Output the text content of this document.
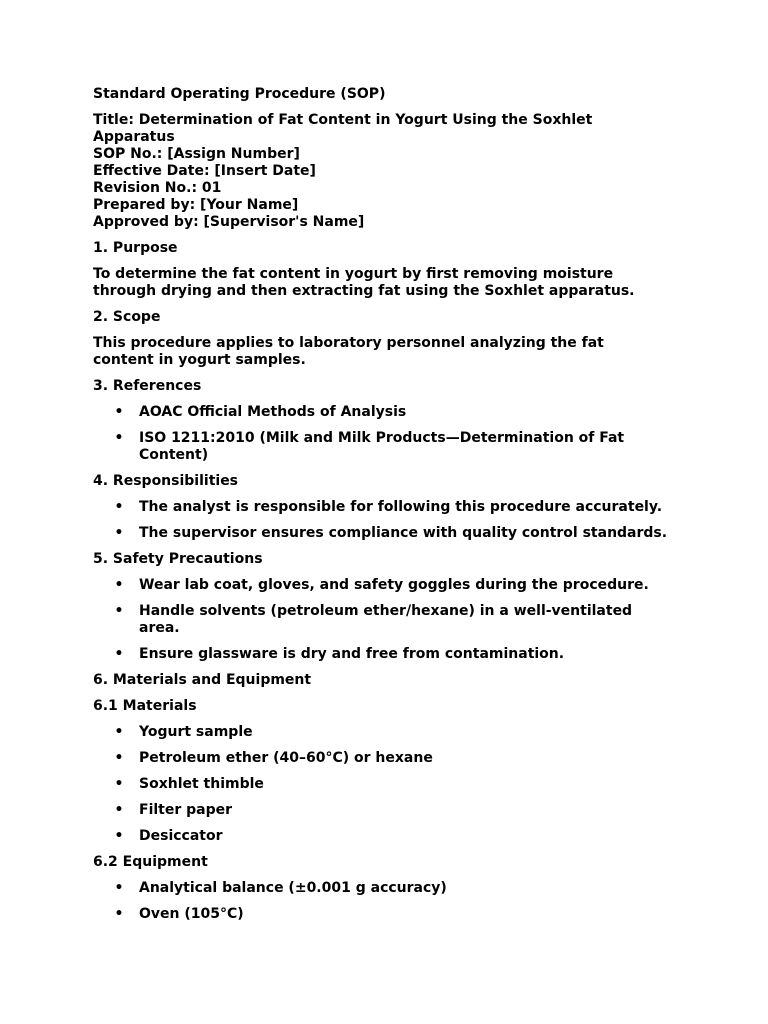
Standard Operating Procedure (SOP)
Title: Determination of Fat Content in Yogurt Using the Soxhlet
Apparatus
SOP No.: [Assign Number]
Effective Date: [Insert Date]
Revision No.: 01
Prepared by: [Your Name]
Approved by: [Supervisor's Name]
1. Purpose
To determine the fat content in yogurt by first removing moisture
through drying and then extracting fat using the Soxhlet apparatus.
2. Scope
This procedure applies to laboratory personnel analyzing the fat
content in yogurt samples.
3. References
• AOAC Official Methods of Analysis
• ISO 1211:2010 (Milk and Milk Products—Determination of Fat
Content)
4. Responsibilities
• The analyst is responsible for following this procedure accurately.
• The supervisor ensures compliance with quality control standards.
5. Safety Precautions
• Wear lab coat, gloves, and safety goggles during the procedure.
• Handle solvents (petroleum ether/hexane) in a well-ventilated
area.
• Ensure glassware is dry and free from contamination.
6. Materials and Equipment
6.1 Materials
• Yogurt sample
• Petroleum ether (40–60°C) or hexane
• Soxhlet thimble
• Filter paper
• Desiccator
6.2 Equipment
• Analytical balance (±0.001 g accuracy)
• Oven (105°C)
